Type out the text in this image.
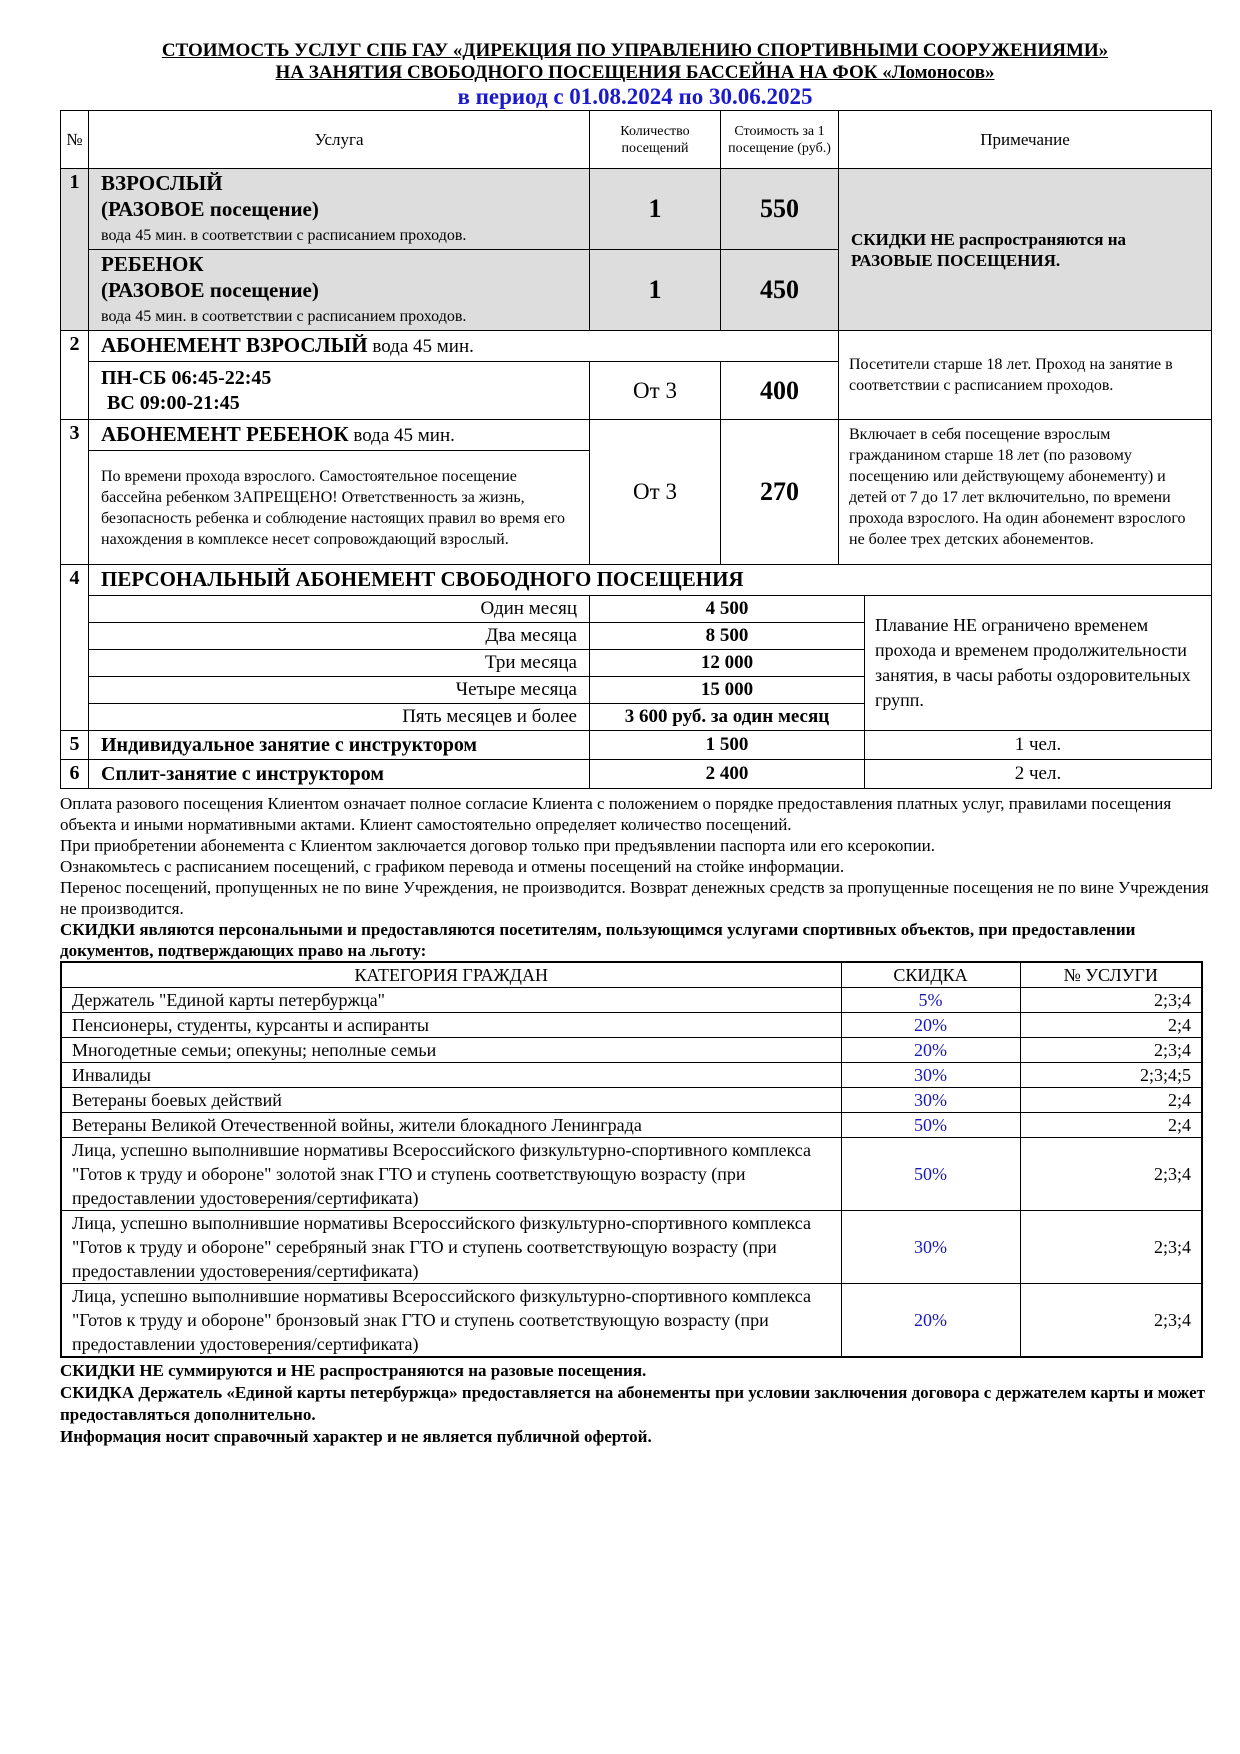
СТОИМОСТЬ УСЛУГ СПБ ГАУ «ДИРЕКЦИЯ ПО УПРАВЛЕНИЮ СПОРТИВНЫМИ СООРУЖЕНИЯМИ»
НА ЗАНЯТИЯ СВОБОДНОГО ПОСЕЩЕНИЯ БАССЕЙНА НА ФОК «Ломоносов»
в период с 01.08.2024 по 30.06.2025
№	Услуга	Количество посещений	Стоимость за 1 посещение (руб.)	Примечание	
1	ВЗРОСЛЫЙ
(РАЗОВОЕ посещение)
вода 45 мин. в соответствии с расписанием проходов.	1	550	СКИДКИ НЕ распространяются на РАЗОВЫЕ ПОСЕЩЕНИЯ.	
	РЕБЕНОК
(РАЗОВОЕ посещение)
вода 45 мин. в соответствии с расписанием проходов.	1	450		
2	АБОНЕМЕНТ ВЗРОСЛЫЙ вода 45 мин.			Посетители старше 18 лет. Проход на занятие в соответствии с расписанием проходов.	
	ПН-СБ 06:45-22:45
ВС 09:00-21:45	От 3	400		
3	АБОНЕМЕНТ РЕБЕНОК вода 45 мин.	От 3	270	Включает в себя посещение взрослым гражданином старше 18 лет (по разовому посещению или действующему абонементу) и детей от 7 до 17 лет включительно, по времени прохода взрослого. На один абонемент взрослого не более трех детских абонементов.	
	По времени прохода взрослого. Самостоятельное посещение бассейна ребенком ЗАПРЕЩЕНО! Ответственность за жизнь, безопасность ребенка и соблюдение настоящих правил во время его нахождения в комплексе несет сопровождающий взрослый.				
4	ПЕРСОНАЛЬНЫЙ АБОНЕМЕНТ СВОБОДНОГО ПОСЕЩЕНИЯ				
	Один месяц	4 500			Плавание НЕ ограничено временем прохода и временем продолжительности занятия, в часы работы оздоровительных групп.
	Два месяца	8 500			
	Три месяца	12 000			
	Четыре месяца	15 000			
	Пять месяцев и более	3 600 руб. за один месяц			
5	Индивидуальное занятие с инструктором	1 500			1 чел.
6	Сплит-занятие с инструктором	2 400			2 чел.

Оплата разового посещения Клиентом означает полное согласие Клиента с положением о порядке предоставления платных услуг, правилами посещения объекта и иными нормативными актами. Клиент самостоятельно определяет количество посещений.

При приобретении абонемента с Клиентом заключается договор только при предъявлении паспорта или его ксерокопии.

Ознакомьтесь с расписанием посещений, с графиком перевода и отмены посещений на стойке информации.

Перенос посещений, пропущенных не по вине Учреждения, не производится. Возврат денежных средств за пропущенные посещения не по вине Учреждения не производится.

СКИДКИ являются персональными и предоставляются посетителям, пользующимся услугами спортивных объектов, при предоставлении документов, подтверждающих право на льготу:

КАТЕГОРИЯ ГРАЖДАН	СКИДКА	№ УСЛУГИ
Держатель "Единой карты петербуржца"	5%	2;3;4
Пенсионеры, студенты, курсанты и аспиранты	20%	2;4
Многодетные семьи; опекуны; неполные семьи	20%	2;3;4
Инвалиды	30%	2;3;4;5
Ветераны боевых действий	30%	2;4
Ветераны Великой Отечественной войны, жители блокадного Ленинграда	50%	2;4
Лица, успешно выполнившие нормативы Всероссийского физкультурно-спортивного комплекса "Готов к труду и обороне" золотой знак ГТО и ступень соответствующую возрасту (при предоставлении удостоверения/сертификата)	50%	2;3;4
Лица, успешно выполнившие нормативы Всероссийского физкультурно-спортивного комплекса "Готов к труду и обороне" серебряный знак ГТО и ступень соответствующую возрасту (при предоставлении удостоверения/сертификата)	30%	2;3;4
Лица, успешно выполнившие нормативы Всероссийского физкультурно-спортивного комплекса "Готов к труду и обороне" бронзовый знак ГТО и ступень соответствующую возрасту (при предоставлении удостоверения/сертификата)	20%	2;3;4

СКИДКИ НЕ суммируются и НЕ распространяются на разовые посещения.

СКИДКА Держатель «Единой карты петербуржца» предоставляется на абонементы при условии заключения договора с держателем карты и может предоставляться дополнительно.

Информация носит справочный характер и не является публичной офертой.
